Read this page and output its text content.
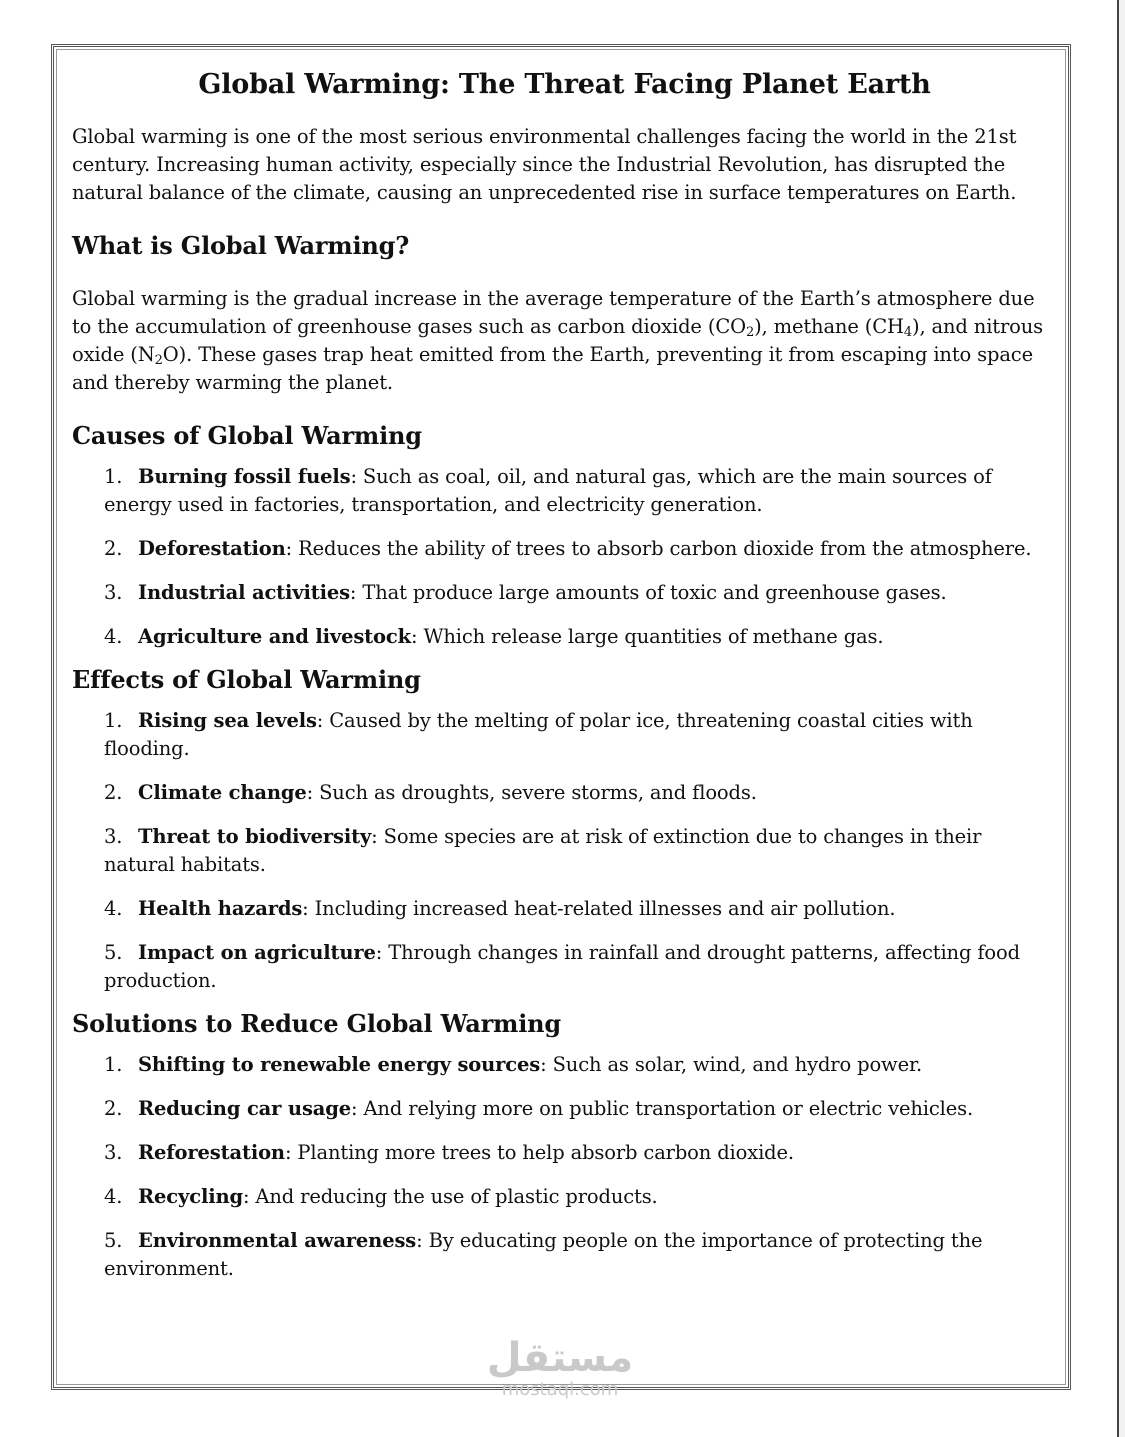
Global Warming: The Threat Facing Planet Earth

Global warming is one of the most serious environmental challenges facing the world in the 21st century. Increasing human activity, especially since the Industrial Revolution, has disrupted the natural balance of the climate, causing an unprecedented rise in surface temperatures on Earth.

What is Global Warming?

Global warming is the gradual increase in the average temperature of the Earth’s atmosphere due to the accumulation of greenhouse gases such as carbon dioxide $(CO_2)$, methane $(CH_4)$, and nitrous oxide $(N_2O)$. These gases trap heat emitted from the Earth, preventing it from escaping into space and thereby warming the planet.

Causes of Global Warming
1. Burning fossil fuels: Such as coal, oil, and natural gas, which are the main sources of energy used in factories, transportation, and electricity generation.
2. Deforestation: Reduces the ability of trees to absorb carbon dioxide from the atmosphere.
3. Industrial activities: That produce large amounts of toxic and greenhouse gases.
4. Agriculture and livestock: Which release large quantities of methane gas.
Effects of Global Warming
1. Rising sea levels: Caused by the melting of polar ice, threatening coastal cities with flooding.
2. Climate change: Such as droughts, severe storms, and floods.
3. Threat to biodiversity: Some species are at risk of extinction due to changes in their natural habitats.
4. Health hazards: Including increased heat-related illnesses and air pollution.
5. Impact on agriculture: Through changes in rainfall and drought patterns, affecting food production.
Solutions to Reduce Global Warming
1. Shifting to renewable energy sources: Such as solar, wind, and hydro power.
2. Reducing car usage: And relying more on public transportation or electric vehicles.
3. Reforestation: Planting more trees to help absorb carbon dioxide.
4. Recycling: And reducing the use of plastic products.
5. Environmental awareness: By educating people on the importance of protecting the environment.
مستقل
mostaql.com
